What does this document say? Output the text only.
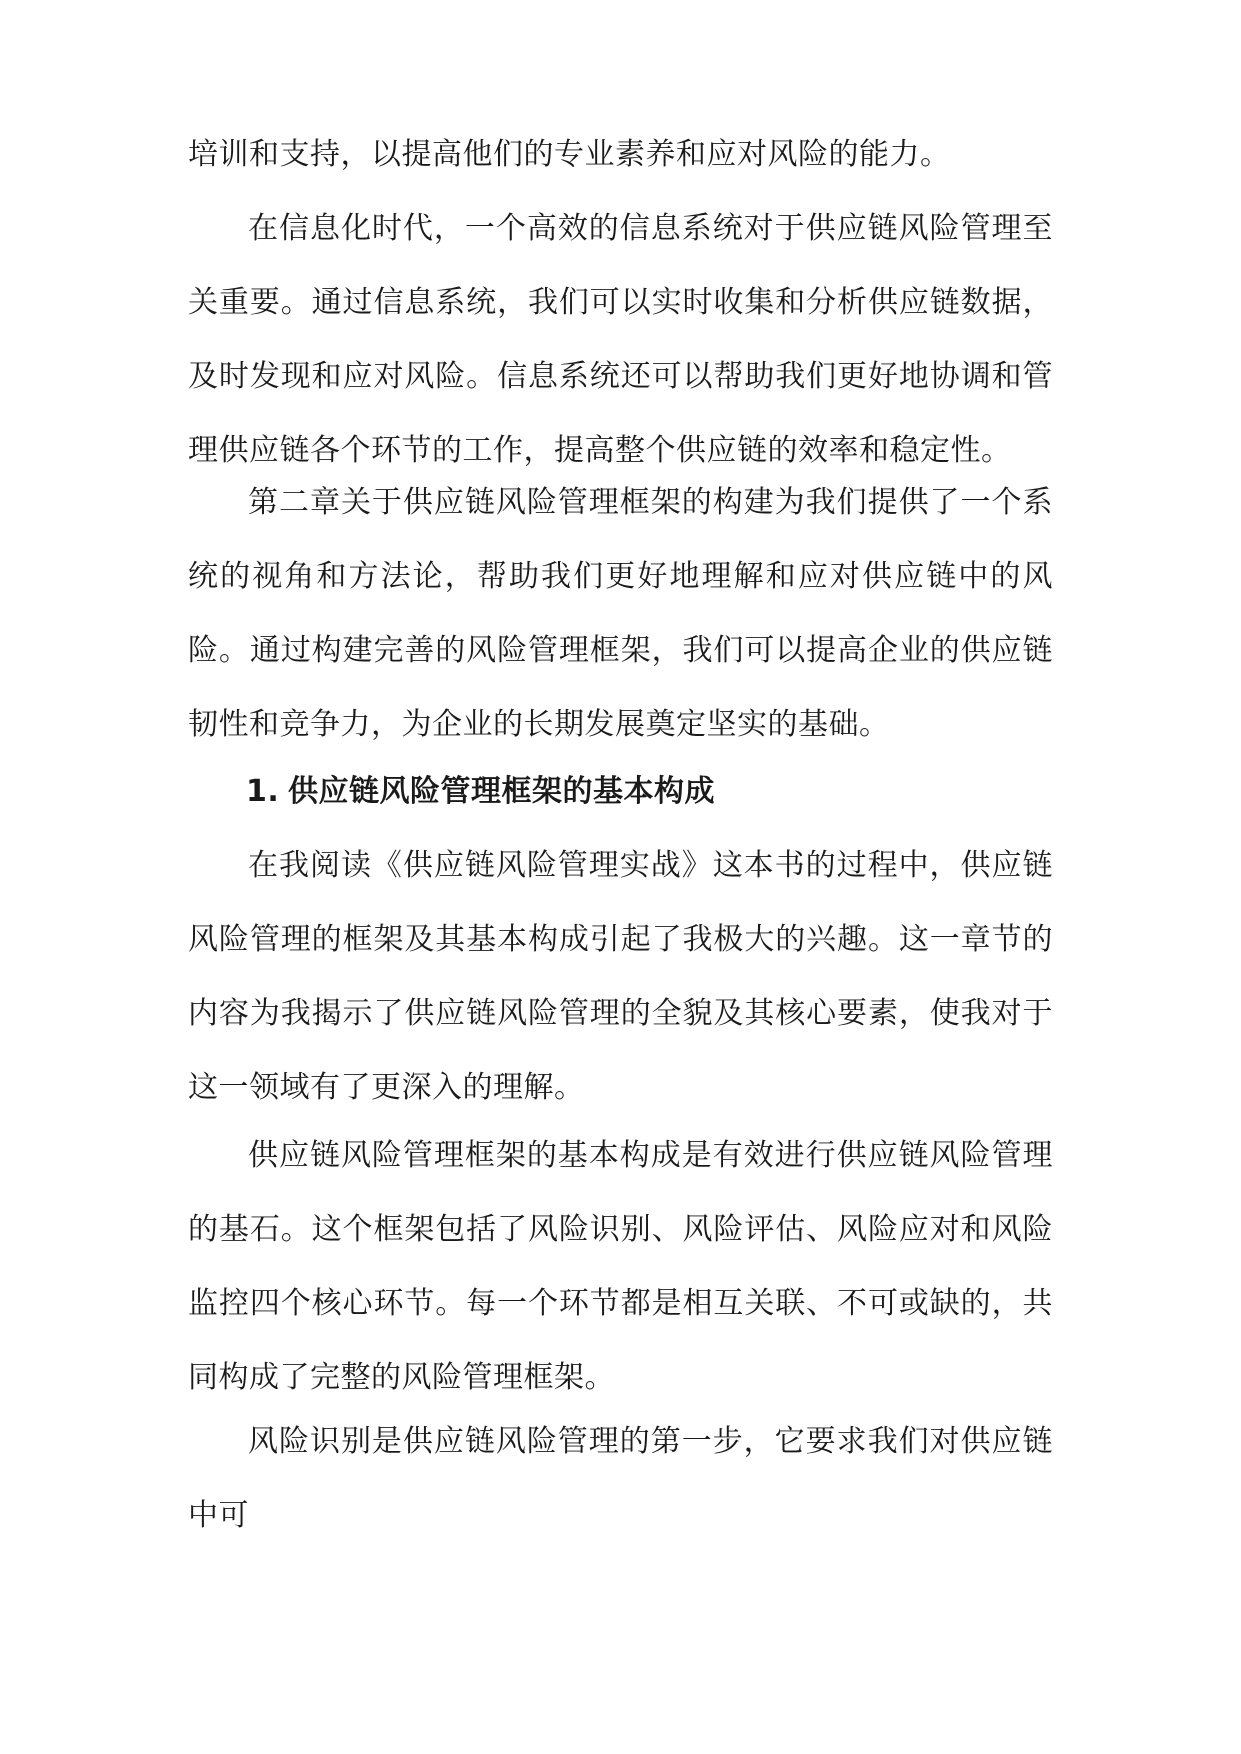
培训和支持，以提高他们的专业素养和应对风险的能力。

在信息化时代，一个高效的信息系统对于供应链风险管理至关重要。通过信息系统，我们可以实时收集和分析供应链数据，及时发现和应对风险。信息系统还可以帮助我们更好地协调和管理供应链各个环节的工作，提高整个供应链的效率和稳定性。

第二章关于供应链风险管理框架的构建为我们提供了一个系统的视角和方法论，帮助我们更好地理解和应对供应链中的风险。通过构建完善的风险管理框架，我们可以提高企业的供应链韧性和竞争力，为企业的长期发展奠定坚实的基础。

1. 供应链风险管理框架的基本构成

在我阅读《供应链风险管理实战》这本书的过程中，供应链风险管理的框架及其基本构成引起了我极大的兴趣。这一章节的内容为我揭示了供应链风险管理的全貌及其核心要素，使我对于这一领域有了更深入的理解。

供应链风险管理框架的基本构成是有效进行供应链风险管理的基石。这个框架包括了风险识别、风险评估、风险应对和风险监控四个核心环节。每一个环节都是相互关联、不可或缺的，共同构成了完整的风险管理框架。

风险识别是供应链风险管理的第一步，它要求我们对供应链中可
